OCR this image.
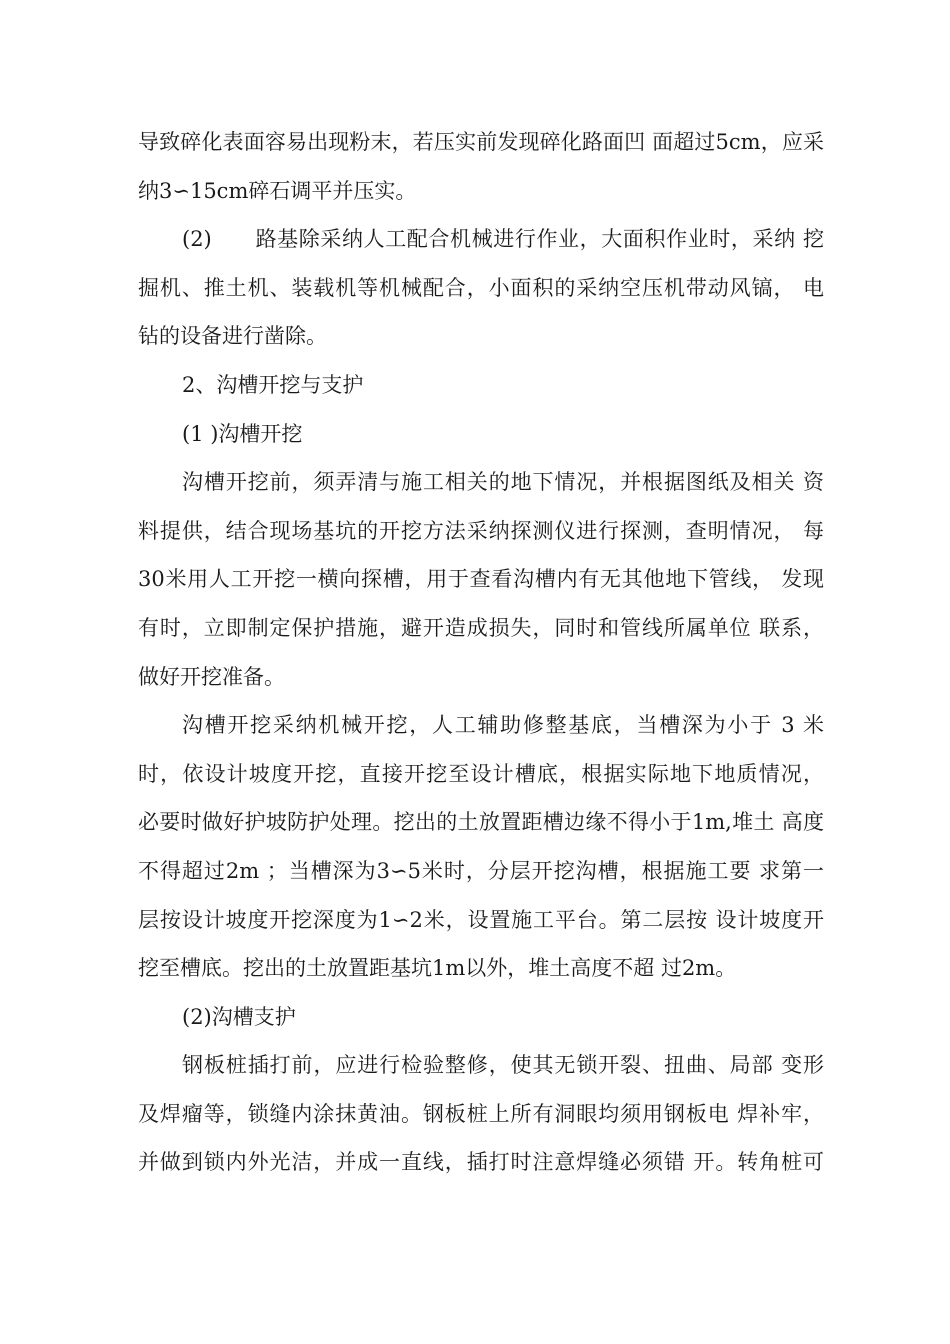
导致碎化表面容易出现粉末，若压实前发现碎化路面凹 面超过5cm，应采
纳3∽15cm碎石调平并压实。
(2)　　路基除采纳人工配合机械进行作业，大面积作业时，采纳 挖
掘机、推土机、装载机等机械配合，小面积的采纳空压机带动风镐， 电
钻的设备进行凿除。
2、沟槽开挖与支护
(1 )沟槽开挖
沟槽开挖前，须弄清与施工相关的地下情况，并根据图纸及相关 资
料提供，结合现场基坑的开挖方法采纳探测仪进行探测，查明情况， 每
30米用人工开挖一横向探槽，用于查看沟槽内有无其他地下管线， 发现
有时，立即制定保护措施，避开造成损失，同时和管线所属单位 联系，
做好开挖准备。
沟槽开挖采纳机械开挖，人工辅助修整基底，当槽深为小于 3 米
时，依设计坡度开挖，直接开挖至设计槽底，根据实际地下地质情况，
必要时做好护坡防护处理。挖出的土放置距槽边缘不得小于1m,堆土 高度
不得超过2m ；当槽深为3∽5米时，分层开挖沟槽，根据施工要 求第一
层按设计坡度开挖深度为1∽2米，设置施工平台。第二层按 设计坡度开
挖至槽底。挖出的土放置距基坑1m以外，堆土高度不超 过2m。
(2)沟槽支护
钢板桩插打前，应进行检验整修，使其无锁开裂、扭曲、局部 变形
及焊瘤等，锁缝内涂抹黄油。钢板桩上所有洞眼均须用钢板电 焊补牢，
并做到锁内外光洁，并成一直线，插打时注意焊缝必须错 开。转角桩可
